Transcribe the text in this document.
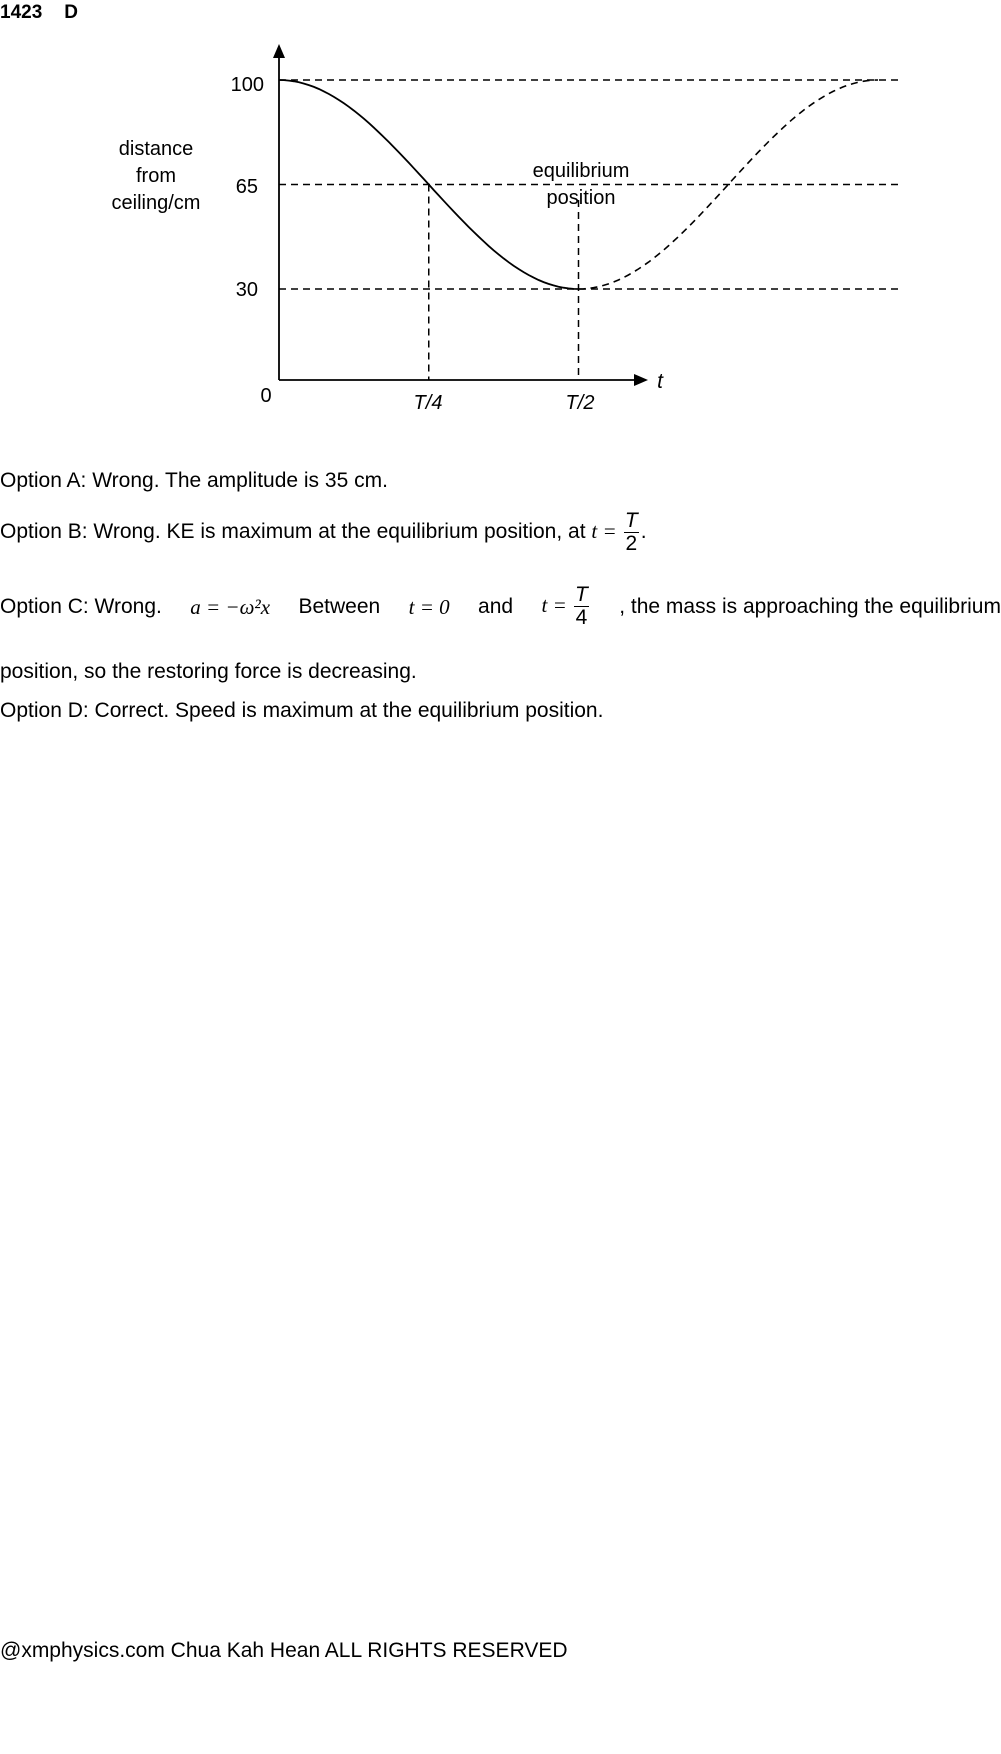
1423 D
100
65
30
0	T/4	T/2
t
equilibrium
position
distance
from
ceiling/cm
Option A: Wrong. The amplitude is 35 cm.
Option B: Wrong. KE is maximum at the equilibrium position, at $t = \frac{T}{2}$ .
Option C: Wrong. a = −ω²x Between t = 0 and $t = \frac{T}{4}$ , the mass is approaching the equilibrium
position, so the restoring force is decreasing.
Option D: Correct. Speed is maximum at the equilibrium position.
@xmphysics.com Chua Kah Hean ALL RIGHTS RESERVED
